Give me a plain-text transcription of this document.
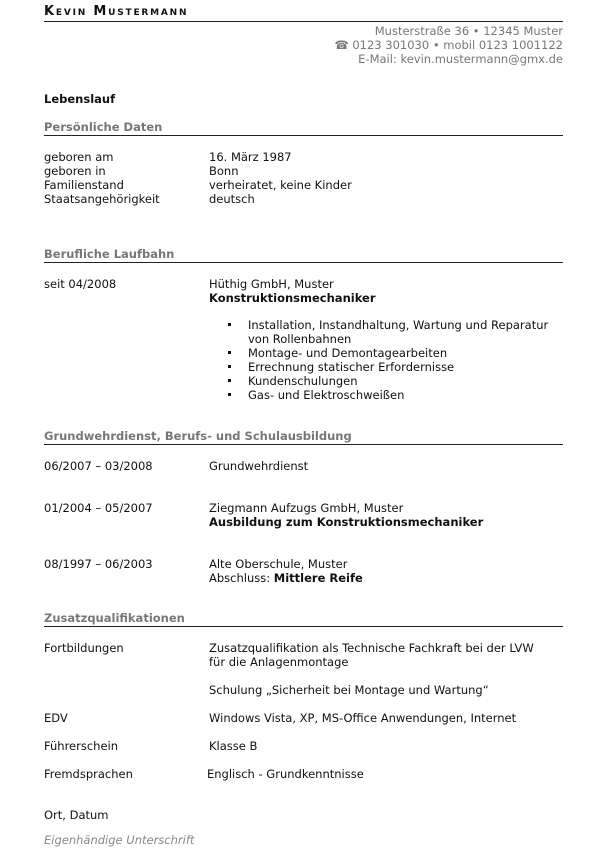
Kevin Mustermann
Musterstraße 36 • 12345 Muster
☎ 0123 301030 • mobil 0123 1001122
E-Mail: kevin.mustermann@gmx.de
Lebenslauf
Persönliche Daten
geboren am	16. März 1987
geboren in	Bonn
Familienstand	verheiratet, keine Kinder
Staatsangehörigkeit	deutsch
Berufliche Laufbahn
seit 04/2008	Hüthig GmbH, Muster
Konstruktionsmechaniker
Installation, Instandhaltung, Wartung und Reparatur von Rollenbahnen
Montage- und Demontagearbeiten
Errechnung statischer Erfordernisse
Kundenschulungen
Gas- und Elektroschweißen
Grundwehrdienst, Berufs- und Schulausbildung
06/2007 – 03/2008	Grundwehrdienst
01/2004 – 05/2007	Ziegmann Aufzugs GmbH, Muster
Ausbildung zum Konstruktionsmechaniker
08/1997 – 06/2003	Alte Oberschule, Muster
Abschluss: Mittlere Reife
Zusatzqualifikationen
Fortbildungen	Zusatzqualifikation als Technische Fachkraft bei der LVW
für die Anlagenmontage
Schulung „Sicherheit bei Montage und Wartung“
EDV	Windows Vista, XP, MS-Office Anwendungen, Internet
Führerschein	Klasse B
Fremdsprachen	Englisch - Grundkenntnisse
Ort, Datum
Eigenhändige Unterschrift
